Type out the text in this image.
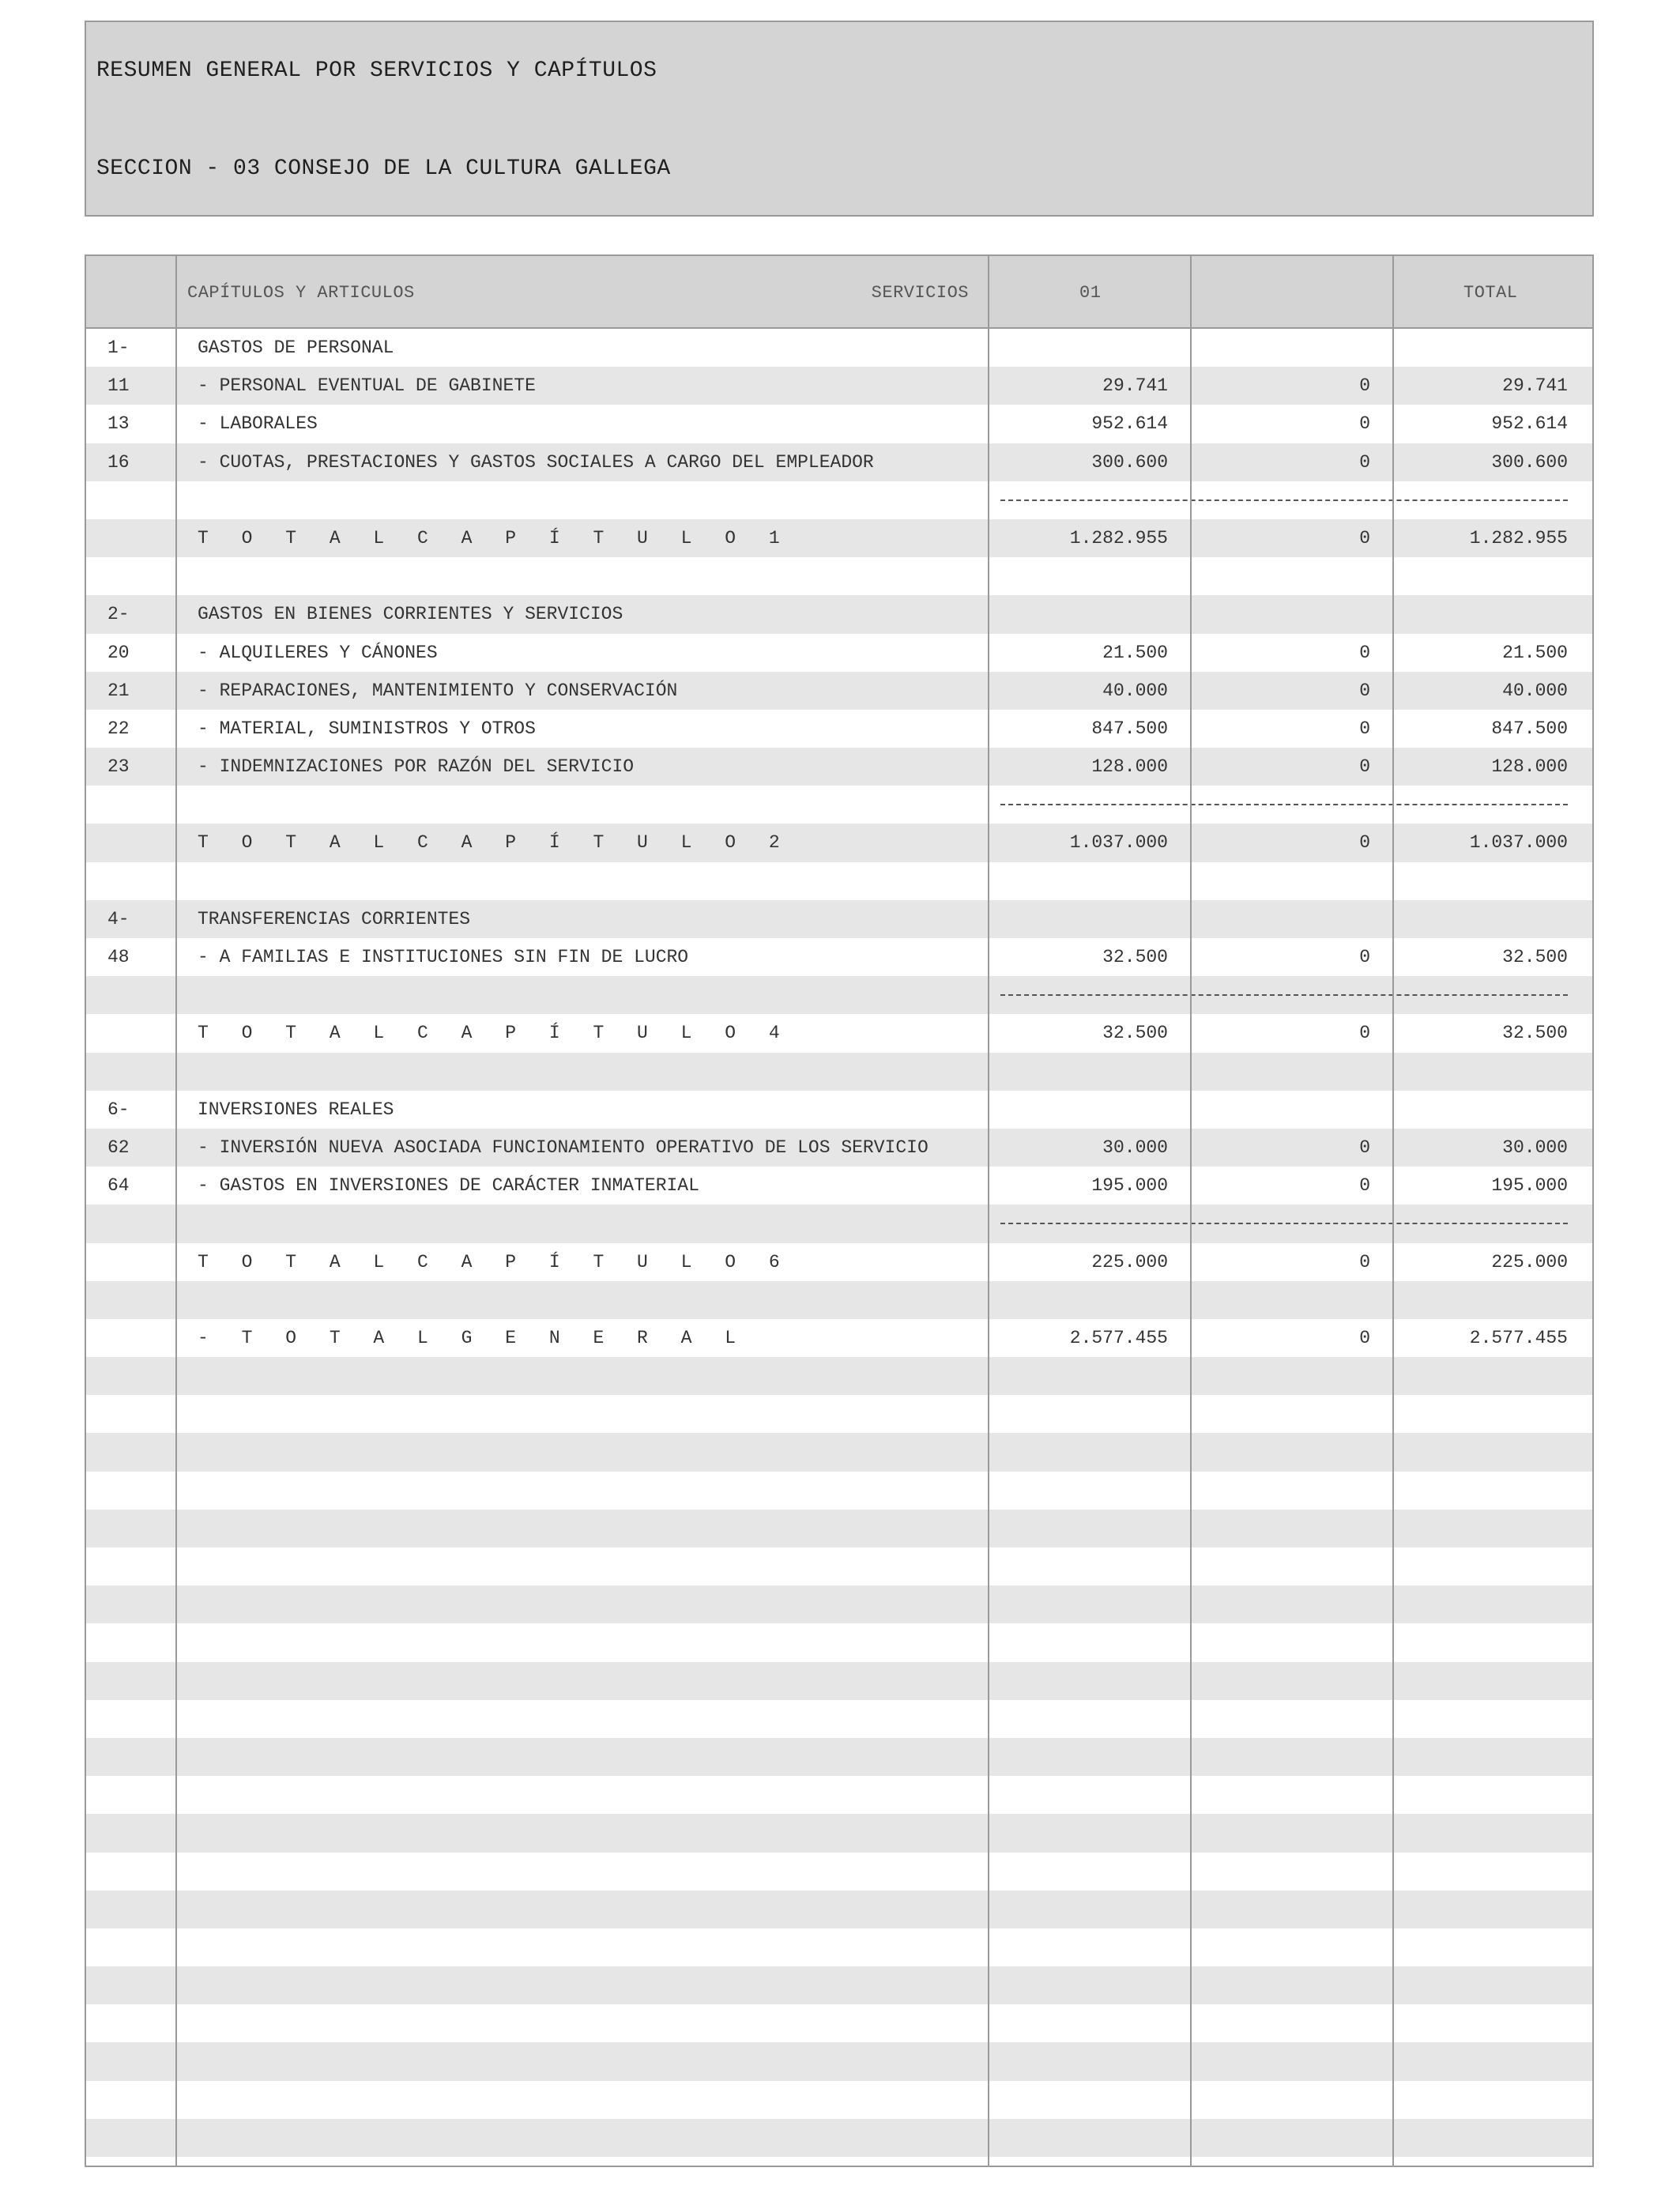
RESUMEN GENERAL POR SERVICIOS Y CAPÍTULOS
SECCION - 03 CONSEJO DE LA CULTURA GALLEGA
CAPÍTULOS Y ARTICULOS	SERVICIOS	01	TOTAL
1-	GASTOS DE PERSONAL
11	- PERSONAL EVENTUAL DE GABINETE	29.741	0	29.741
13	- LABORALES	952.614	0	952.614
16	- CUOTAS, PRESTACIONES Y GASTOS SOCIALES A CARGO DEL EMPLEADOR	300.600	0	300.600
T O T A L C A P Í T U L O 1	1.282.955	0	1.282.955
2-	GASTOS EN BIENES CORRIENTES Y SERVICIOS
20	- ALQUILERES Y CÁNONES	21.500	0	21.500
21	- REPARACIONES, MANTENIMIENTO Y CONSERVACIÓN	40.000	0	40.000
22	- MATERIAL, SUMINISTROS Y OTROS	847.500	0	847.500
23	- INDEMNIZACIONES POR RAZÓN DEL SERVICIO	128.000	0	128.000
T O T A L C A P Í T U L O 2	1.037.000	0	1.037.000
4-	TRANSFERENCIAS CORRIENTES
48	- A FAMILIAS E INSTITUCIONES SIN FIN DE LUCRO	32.500	0	32.500
T O T A L C A P Í T U L O 4	32.500	0	32.500
6-	INVERSIONES REALES
62	- INVERSIÓN NUEVA ASOCIADA FUNCIONAMIENTO OPERATIVO DE LOS SERVICIO	30.000	0	30.000
64	- GASTOS EN INVERSIONES DE CARÁCTER INMATERIAL	195.000	0	195.000
T O T A L C A P Í T U L O 6	225.000	0	225.000
- T O T A L G E N E R A L	2.577.455	0	2.577.455
